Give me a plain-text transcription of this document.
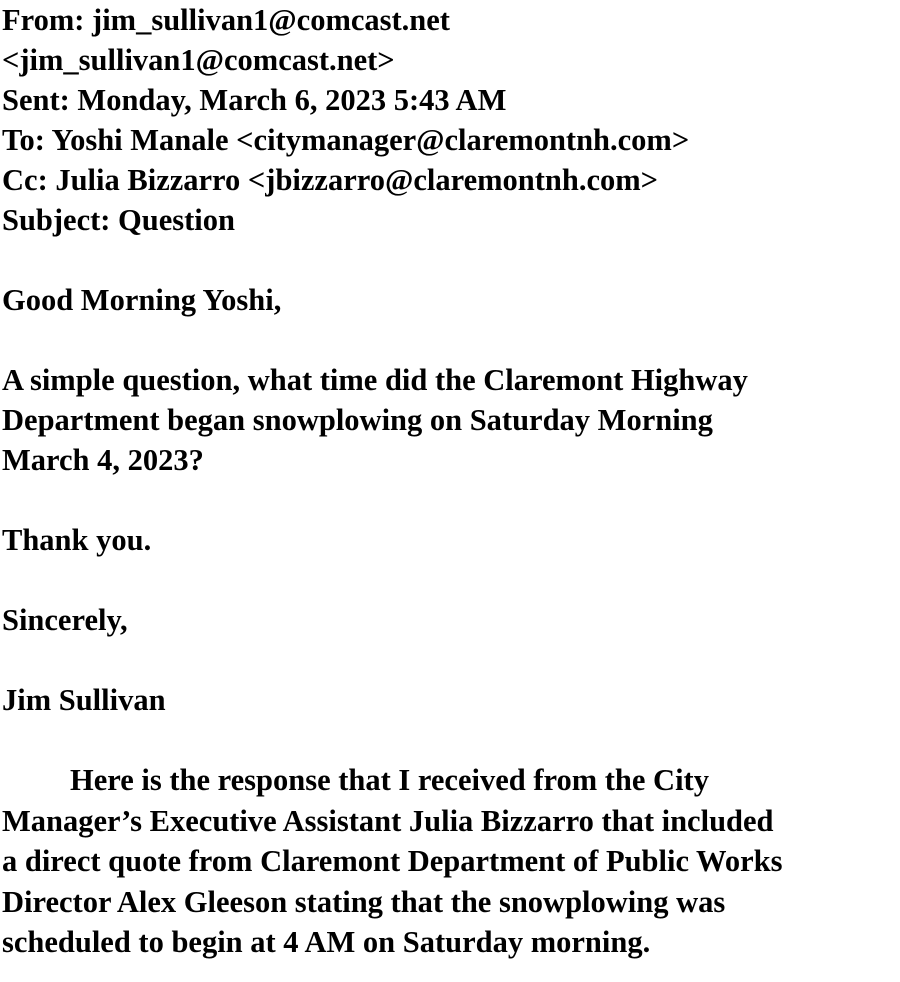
From: jim_sullivan1@comcast.net
<jim_sullivan1@comcast.net>
Sent: Monday, March 6, 2023 5:43 AM
To: Yoshi Manale <citymanager@claremontnh.com>
Cc: Julia Bizzarro <jbizzarro@claremontnh.com>
Subject: Question
Good Morning Yoshi,
A simple question, what time did the Claremont Highway
Department began snowplowing on Saturday Morning
March 4, 2023?
Thank you.
Sincerely,
Jim Sullivan
Here is the response that I received from the City
Manager’s Executive Assistant Julia Bizzarro that included
a direct quote from Claremont Department of Public Works
Director Alex Gleeson stating that the snowplowing was
scheduled to begin at 4 AM on Saturday morning.
